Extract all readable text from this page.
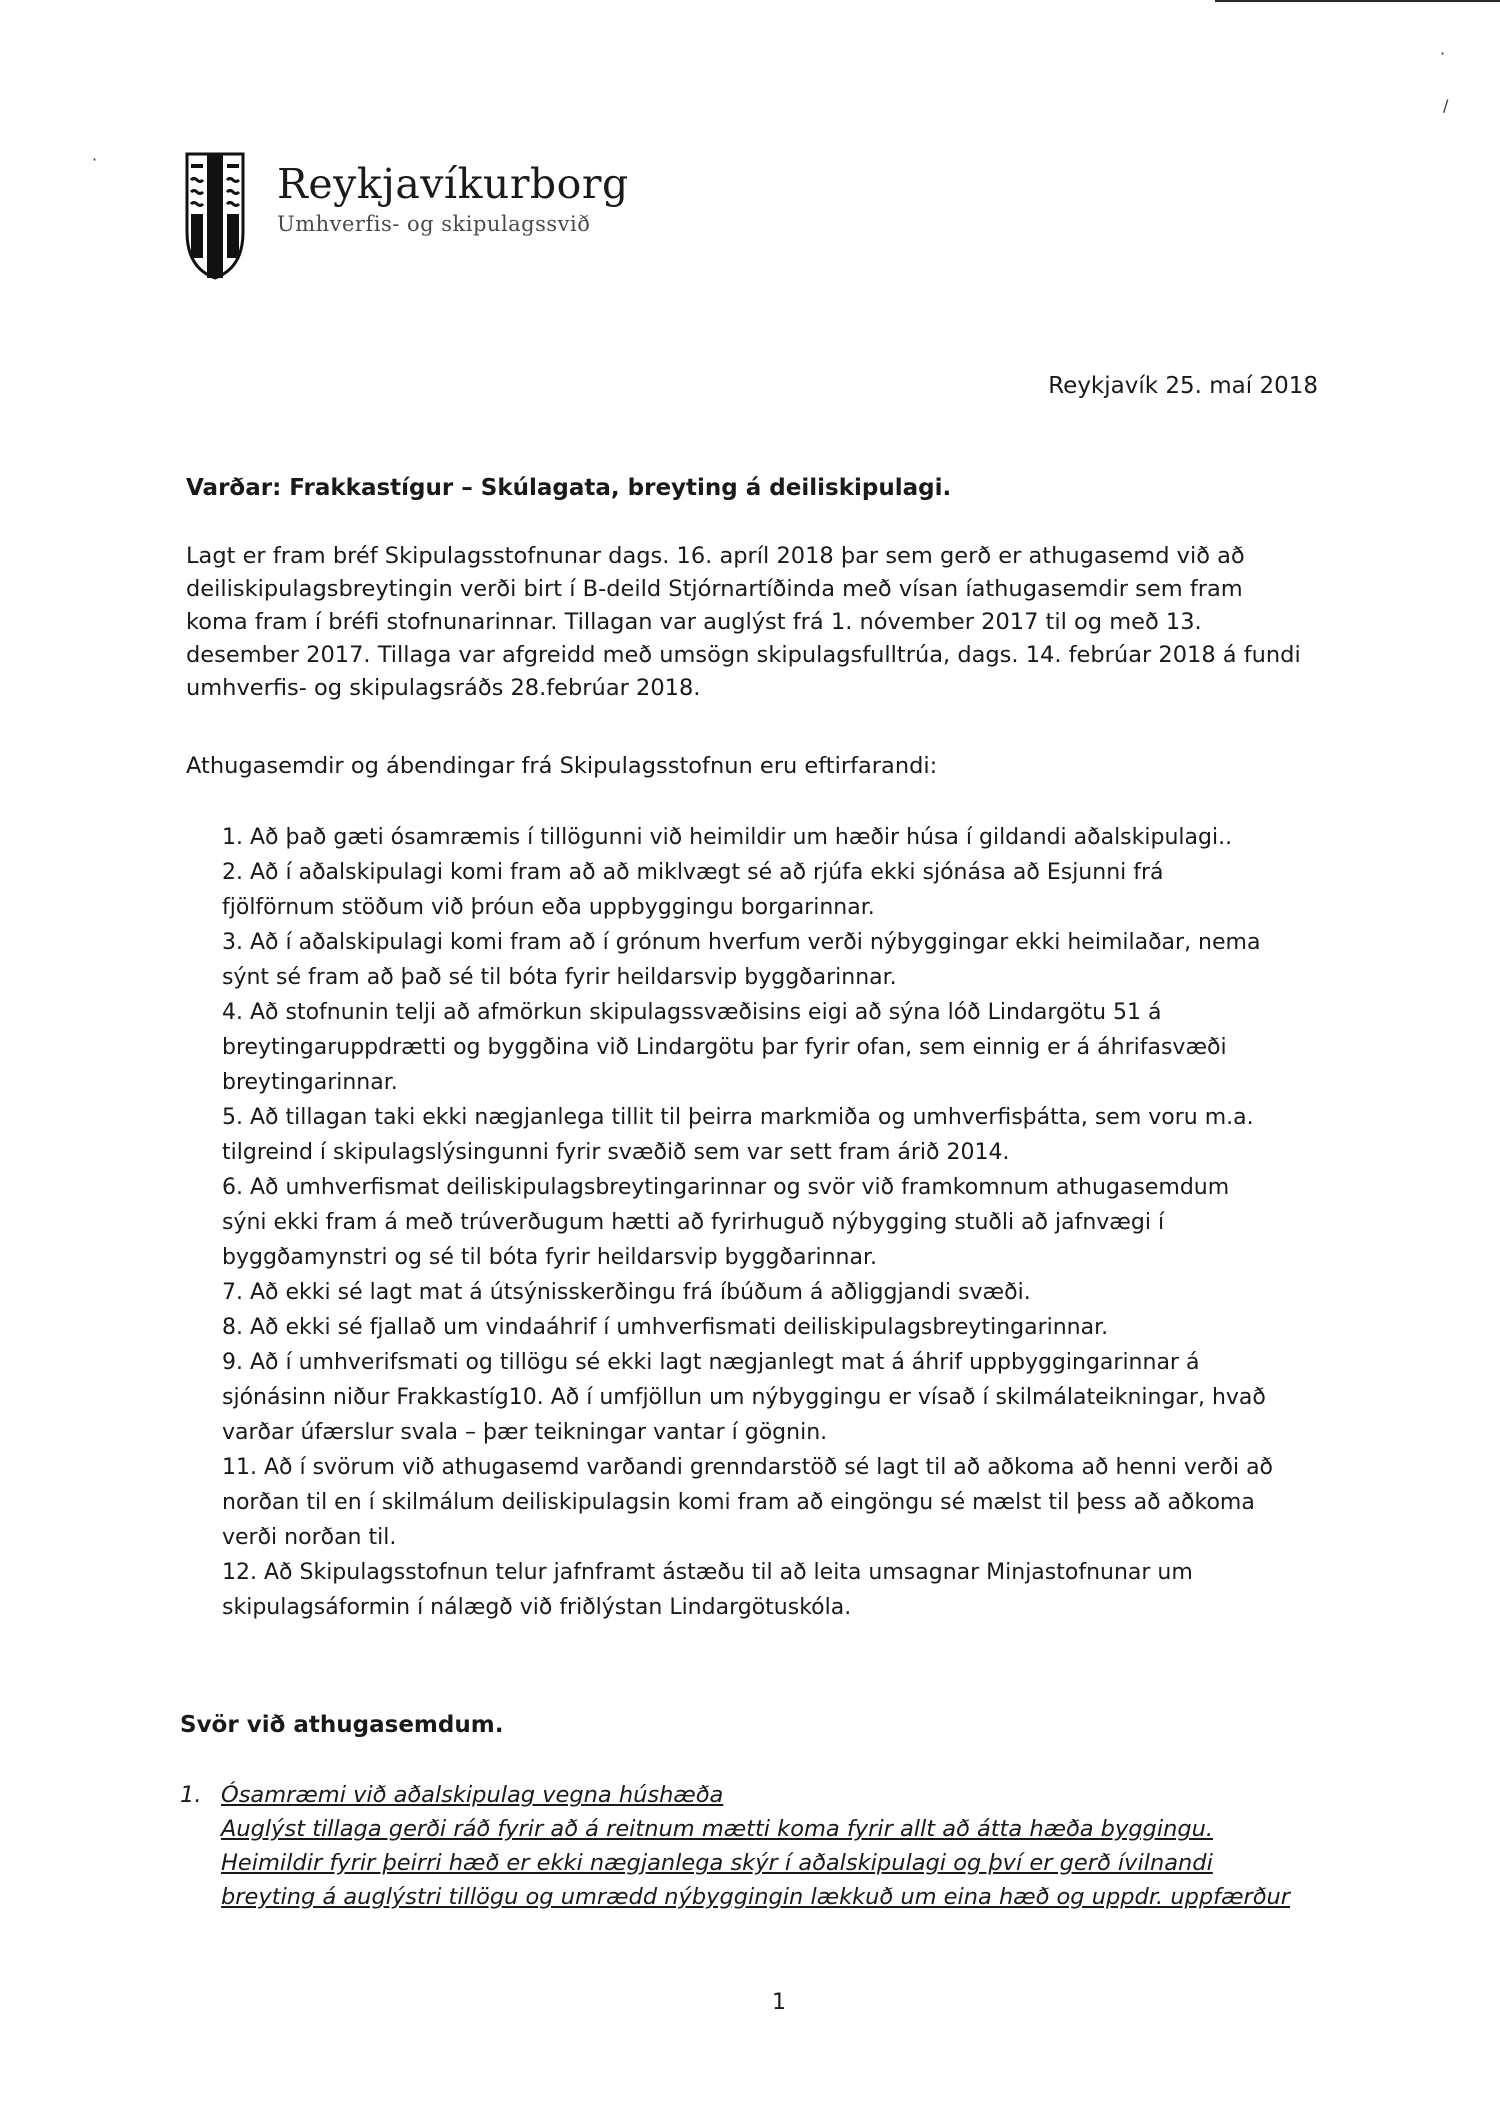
·
/
·
Reykjavíkurborg
Umhverfis- og skipulagssvið
Reykjavík 25. maí 2018
Varðar: Frakkastígur – Skúlagata, breyting á deiliskipulagi.
Lagt er fram bréf Skipulagsstofnunar dags. 16. apríl 2018 þar sem gerð er athugasemd við að
deiliskipulagsbreytingin verði birt í B-deild Stjórnartíðinda með vísan íathugasemdir sem fram
koma fram í bréfi stofnunarinnar. Tillagan var auglýst frá 1. nóvember 2017 til og með 13.
desember 2017. Tillaga var afgreidd með umsögn skipulagsfulltrúa, dags. 14. febrúar 2018 á fundi
umhverfis- og skipulagsráðs 28.febrúar 2018.
Athugasemdir og ábendingar frá Skipulagsstofnun eru eftirfarandi:
1. Að það gæti ósamræmis í tillögunni við heimildir um hæðir húsa í gildandi aðalskipulagi..
2. Að í aðalskipulagi komi fram að að miklvægt sé að rjúfa ekki sjónása að Esjunni frá
fjölförnum stöðum við þróun eða uppbyggingu borgarinnar.
3. Að í aðalskipulagi komi fram að í grónum hverfum verði nýbyggingar ekki heimilaðar, nema
sýnt sé fram að það sé til bóta fyrir heildarsvip byggðarinnar.
4. Að stofnunin telji að afmörkun skipulagssvæðisins eigi að sýna lóð Lindargötu 51 á
breytingaruppdrætti og byggðina við Lindargötu þar fyrir ofan, sem einnig er á áhrifasvæði
breytingarinnar.
5. Að tillagan taki ekki nægjanlega tillit til þeirra markmiða og umhverfisþátta, sem voru m.a.
tilgreind í skipulagslýsingunni fyrir svæðið sem var sett fram árið 2014.
6. Að umhverfismat deiliskipulagsbreytingarinnar og svör við framkomnum athugasemdum
sýni ekki fram á með trúverðugum hætti að fyrirhuguð nýbygging stuðli að jafnvægi í
byggðamynstri og sé til bóta fyrir heildarsvip byggðarinnar.
7. Að ekki sé lagt mat á útsýnisskerðingu frá íbúðum á aðliggjandi svæði.
8. Að ekki sé fjallað um vindaáhrif í umhverfismati deiliskipulagsbreytingarinnar.
9. Að í umhverifsmati og tillögu sé ekki lagt nægjanlegt mat á áhrif uppbyggingarinnar á
sjónásinn niður Frakkastíg10. Að í umfjöllun um nýbyggingu er vísað í skilmálateikningar, hvað
varðar úfærslur svala – þær teikningar vantar í gögnin.
11. Að í svörum við athugasemd varðandi grenndarstöð sé lagt til að aðkoma að henni verði að
norðan til en í skilmálum deiliskipulagsin komi fram að eingöngu sé mælst til þess að aðkoma
verði norðan til.
12. Að Skipulagsstofnun telur jafnframt ástæðu til að leita umsagnar Minjastofnunar um
skipulagsáformin í nálægð við friðlýstan Lindargötuskóla.
Svör við athugasemdum.
1. Ósamræmi við aðalskipulag vegna húshæða
Auglýst tillaga gerði ráð fyrir að á reitnum mætti koma fyrir allt að átta hæða byggingu.
Heimildir fyrir þeirri hæð er ekki nægjanlega skýr í aðalskipulagi og því er gerð ívilnandi
breyting á auglýstri tillögu og umrædd nýbyggingin lækkuð um eina hæð og uppdr. uppfærður
1
